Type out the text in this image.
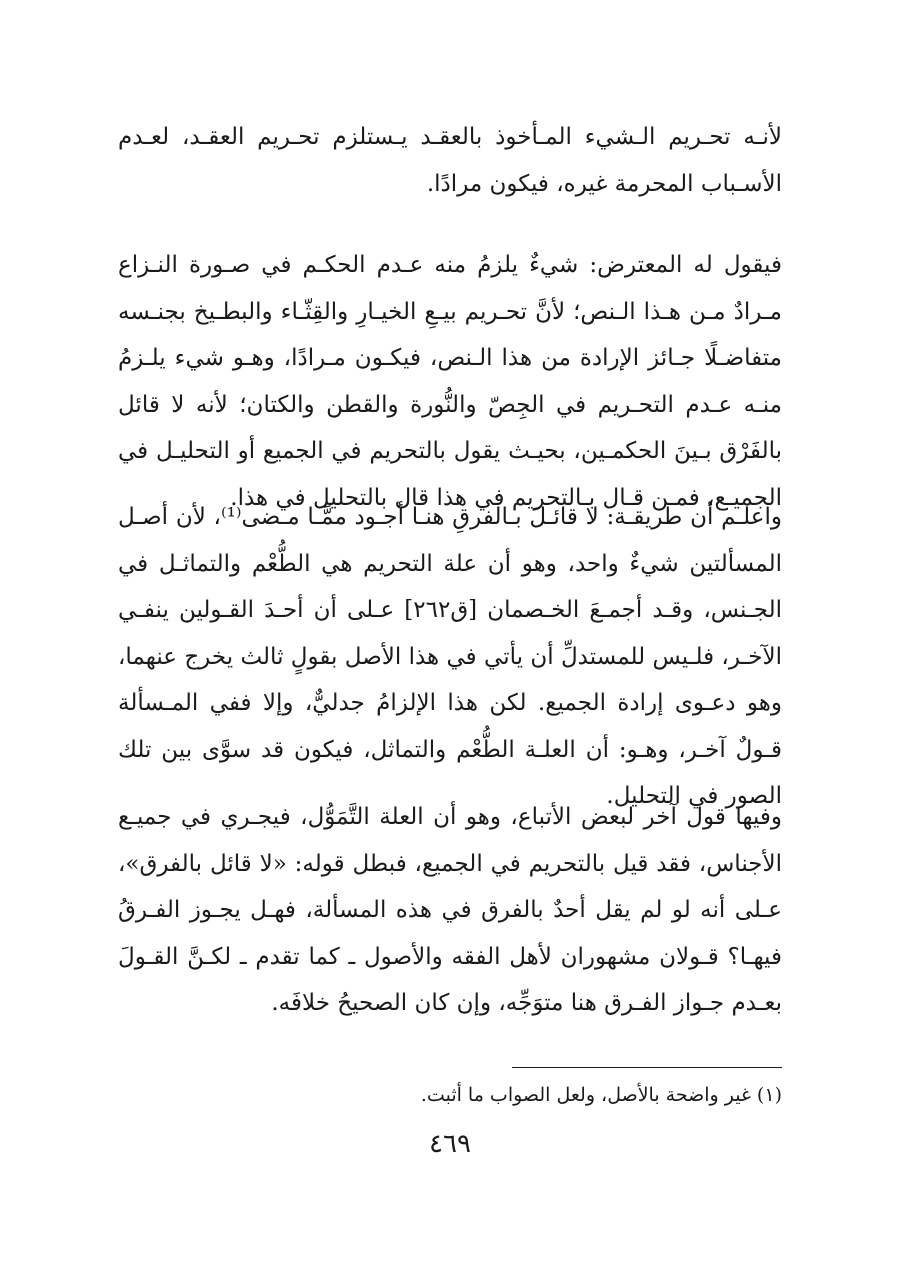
لأنـه تحـريم الـشيء المـأخوذ بالعقـد يـستلزم تحـريم العقـد، لعـدم الأسـباب المحرمة غيره، فيكون مرادًا.

فيقول له المعترض: شيءٌ يلزمُ منه عـدم الحكـم في صـورة النـزاع مـرادٌ مـن هـذا الـنص؛ لأنَّ تحـريم بيـعِ الخيـارِ والقِثّـاء والبطـيخ بجنـسه متفاضـلًا جـائز الإرادة من هذا الـنص، فيكـون مـرادًا، وهـو شيء يلـزمُ منـه عـدم التحـريم في الجِصّ والنُّورة والقطن والكتان؛ لأنه لا قائل بالفَرْق بـينَ الحكمـين، بحيـث يقول بالتحريم في الجميع أو التحليـل في الجميـع، فمـن قـال بـالتحريم في هذا قال بالتحليل في هذا.

واعلـم أن طريقـة: لا قائـلَ بـالفرقِ هنـا أجـود ممَّـا مـضى⁽¹⁾، لأن أصـل المسألتين شيءٌ واحد، وهو أن علة التحريم هي الطُّعْم والتماثـل في الجـنس، وقـد أجمـعَ الخـصمان [ق٢٦٢] عـلى أن أحـدَ القـولين ينفـي الآخـر، فلـيس للمستدلِّ أن يأتي في هذا الأصل بقولٍ ثالث يخرج عنهما، وهو دعـوى إرادة الجميع. لكن هذا الإلزامُ جدليٌّ، وإلا ففي المـسألة قـولٌ آخـر، وهـو: أن العلـة الطُّعْم والتماثل، فيكون قد سوَّى بين تلك الصور في التحليل.

وفيها قول آخر لبعض الأتباع، وهو أن العلة التَّمَوُّل، فيجـري في جميـع الأجناس، فقد قيل بالتحريم في الجميع، فبطل قوله: «لا قائل بالفرق»، عـلى أنه لو لم يقل أحدٌ بالفرق في هذه المسألة، فهـل يجـوز الفـرقُ فيهـا؟ قـولان مشهوران لأهل الفقه والأصول ـ كما تقدم ـ لكـنَّ القـولَ بعـدم جـواز الفـرق هنا متوَجِّه، وإن كان الصحيحُ خلافَه.

(١) غير واضحة بالأصل، ولعل الصواب ما أثبت.
٤٦٩
